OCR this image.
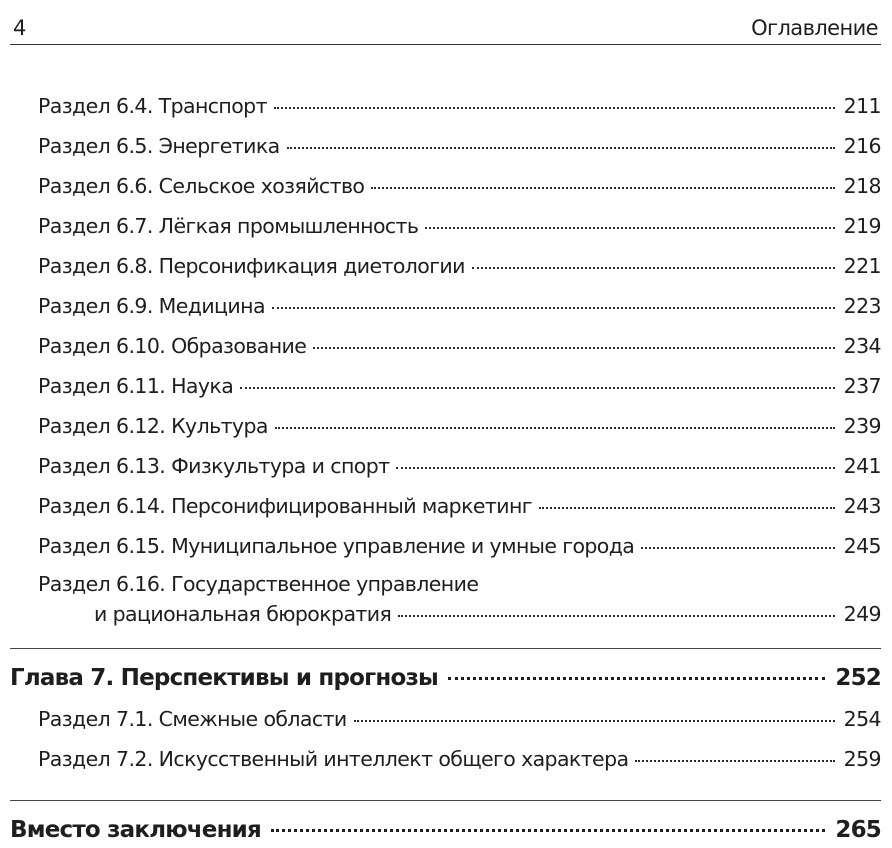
4	Оглавление
Раздел 6.4. Транспорт	211
Раздел 6.5. Энергетика	216
Раздел 6.6. Сельское хозяйство	218
Раздел 6.7. Лёгкая промышленность	219
Раздел 6.8. Персонификация диетологии	221
Раздел 6.9. Медицина	223
Раздел 6.10. Образование	234
Раздел 6.11. Наука	237
Раздел 6.12. Культура	239
Раздел 6.13. Физкультура и спорт	241
Раздел 6.14. Персонифицированный маркетинг	243
Раздел 6.15. Муниципальное управление и умные города	245
Раздел 6.16. Государственное управление
и рациональная бюрократия	249
Глава 7. Перспективы и прогнозы	252
Раздел 7.1. Смежные области	254
Раздел 7.2. Искусственный интеллект общего характера	259
Вместо заключения	265
